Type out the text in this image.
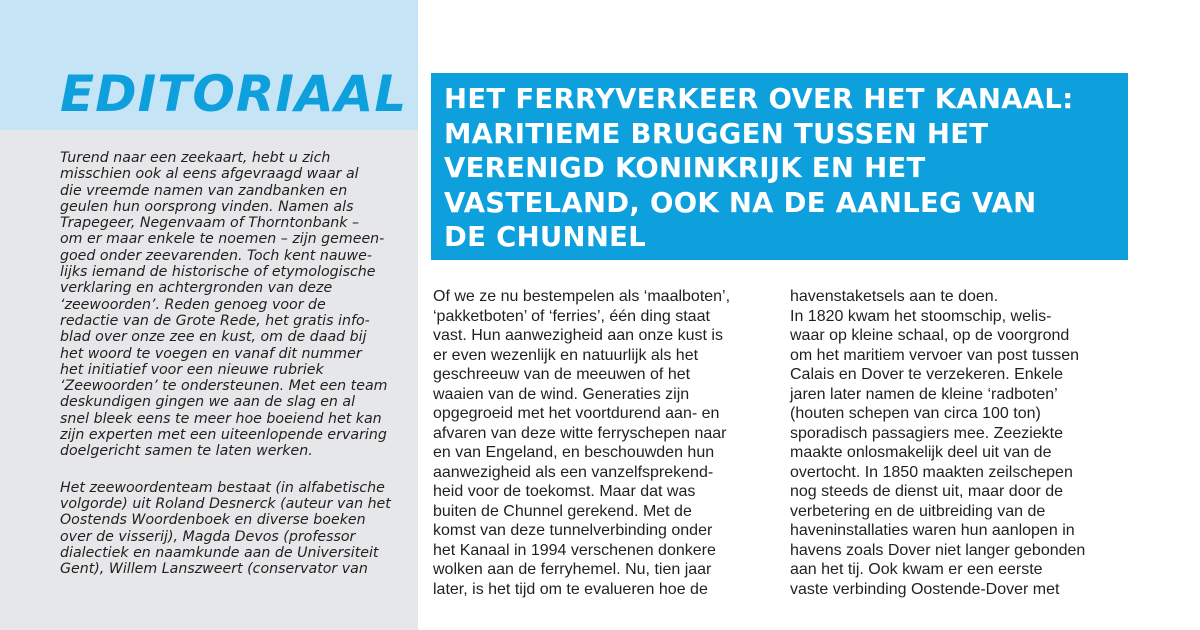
EDITORIAAL
Turend naar een zeekaart, hebt u zich
misschien ook al eens afgevraagd waar al
die vreemde namen van zandbanken en
geulen hun oorsprong vinden. Namen als
Trapegeer, Negenvaam of Thorntonbank –
om er maar enkele te noemen – zijn gemeen-
goed onder zeevarenden. Toch kent nauwe-
lijks iemand de historische of etymologische
verklaring en achtergronden van deze
‘zeewoorden’. Reden genoeg voor de
redactie van de Grote Rede, het gratis info-
blad over onze zee en kust, om de daad bij
het woord te voegen en vanaf dit nummer
het initiatief voor een nieuwe rubriek
‘Zeewoorden’ te ondersteunen. Met een team
deskundigen gingen we aan de slag en al
snel bleek eens te meer hoe boeiend het kan
zijn experten met een uiteenlopende ervaring
doelgericht samen te laten werken.
Het zeewoordenteam bestaat (in alfabetische
volgorde) uit Roland Desnerck (auteur van het
Oostends Woordenboek en diverse boeken
over de visserij), Magda Devos (professor
dialectiek en naamkunde aan de Universiteit
Gent), Willem Lanszweert (conservator van
HET FERRYVERKEER OVER HET KANAAL:
MARITIEME BRUGGEN TUSSEN HET
VERENIGD KONINKRIJK EN HET
VASTELAND, OOK NA DE AANLEG VAN
DE CHUNNEL
Of we ze nu bestempelen als ‘maalboten’,
‘pakketboten’ of ‘ferries’, één ding staat
vast. Hun aanwezigheid aan onze kust is
er even wezenlijk en natuurlijk als het
geschreeuw van de meeuwen of het
waaien van de wind. Generaties zijn
opgegroeid met het voortdurend aan- en
afvaren van deze witte ferryschepen naar
en van Engeland, en beschouwden hun
aanwezigheid als een vanzelfsprekend-
heid voor de toekomst. Maar dat was
buiten de Chunnel gerekend. Met de
komst van deze tunnelverbinding onder
het Kanaal in 1994 verschenen donkere
wolken aan de ferryhemel. Nu, tien jaar
later, is het tijd om te evalueren hoe de
havenstaketsels aan te doen.
In 1820 kwam het stoomschip, welis-
waar op kleine schaal, op de voorgrond
om het maritiem vervoer van post tussen
Calais en Dover te verzekeren. Enkele
jaren later namen de kleine ‘radboten’
(houten schepen van circa 100 ton)
sporadisch passagiers mee. Zeeziekte
maakte onlosmakelijk deel uit van de
overtocht. In 1850 maakten zeilschepen
nog steeds de dienst uit, maar door de
verbetering en de uitbreiding van de
haveninstallaties waren hun aanlopen in
havens zoals Dover niet langer gebonden
aan het tij. Ook kwam er een eerste
vaste verbinding Oostende-Dover met
